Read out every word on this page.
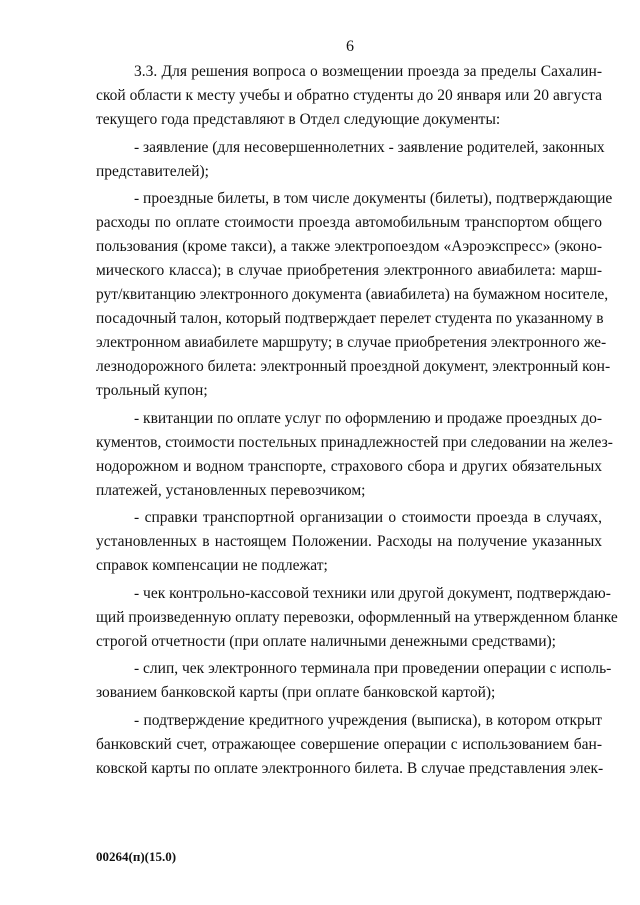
6
3.3. Для решения вопроса о возмещении проезда за пределы Сахалин-
ской области к месту учебы и обратно студенты до 20 января или 20 августа
текущего года представляют в Отдел следующие документы:
- заявление (для несовершеннолетних - заявление родителей, законных
представителей);
- проездные билеты, в том числе документы (билеты), подтверждающие
расходы по оплате стоимости проезда автомобильным транспортом общего
пользования (кроме такси), а также электропоездом «Аэроэкспресс» (эконо-
мического класса); в случае приобретения электронного авиабилета: марш-
рут/квитанцию электронного документа (авиабилета) на бумажном носителе,
посадочный талон, который подтверждает перелет студента по указанному в
электронном авиабилете маршруту; в случае приобретения электронного же-
лезнодорожного билета: электронный проездной документ, электронный кон-
трольный купон;
- квитанции по оплате услуг по оформлению и продаже проездных до-
кументов, стоимости постельных принадлежностей при следовании на желез-
нодорожном и водном транспорте, страхового сбора и других обязательных
платежей, установленных перевозчиком;
- справки транспортной организации о стоимости проезда в случаях,
установленных в настоящем Положении. Расходы на получение указанных
справок компенсации не подлежат;
- чек контрольно-кассовой техники или другой документ, подтверждаю-
щий произведенную оплату перевозки, оформленный на утвержденном бланке
строгой отчетности (при оплате наличными денежными средствами);
- слип, чек электронного терминала при проведении операции с исполь-
зованием банковской карты (при оплате банковской картой);
- подтверждение кредитного учреждения (выписка), в котором открыт
банковский счет, отражающее совершение операции с использованием бан-
ковской карты по оплате электронного билета. В случае представления элек-
00264(п)(15.0)
